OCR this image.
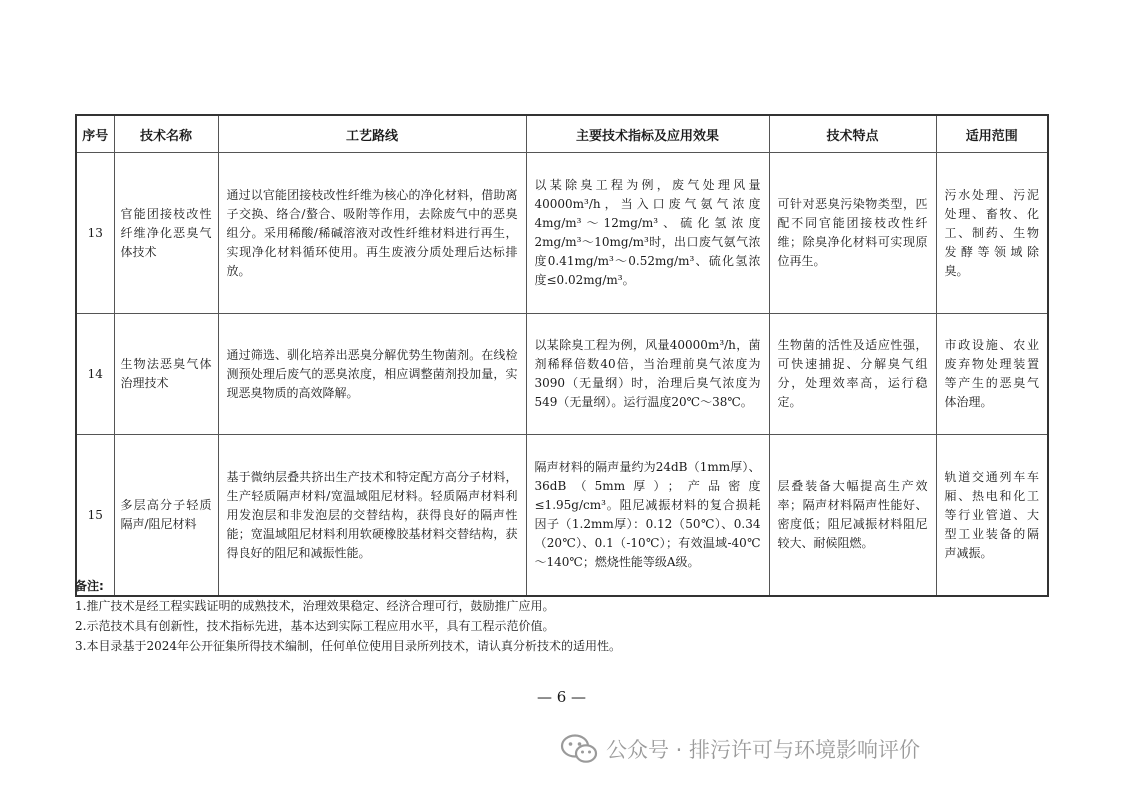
序号	技术名称	工艺路线	主要技术指标及应用效果	技术特点	适用范围
13	官能团接枝改性纤维净化恶臭气体技术	通过以官能团接枝改性纤维为核心的净化材料，借助离子交换、络合/螯合、吸附等作用，去除废气中的恶臭组分。采用稀酸/稀碱溶液对改性纤维材料进行再生，实现净化材料循环使用。再生废液分质处理后达标排放。	以某除臭工程为例，废气处理风量40000m³/h，当入口废气氨气浓度4mg/m³～12mg/m³、硫化氢浓度2mg/m³～10mg/m³时，出口废气氨气浓度0.41mg/m³～0.52mg/m³、硫化氢浓度≤0.02mg/m³。	可针对恶臭污染物类型，匹配不同官能团接枝改性纤维；除臭净化材料可实现原位再生。	污水处理、污泥处理、畜牧、化工、制药、生物发酵等领域除臭。
14	生物法恶臭气体治理技术	通过筛选、驯化培养出恶臭分解优势生物菌剂。在线检测预处理后废气的恶臭浓度，相应调整菌剂投加量，实现恶臭物质的高效降解。	以某除臭工程为例，风量40000m³/h，菌剂稀释倍数40倍，当治理前臭气浓度为3090（无量纲）时，治理后臭气浓度为549（无量纲）。运行温度20℃～38℃。	生物菌的活性及适应性强，可快速捕捉、分解臭气组分，处理效率高，运行稳定。	市政设施、农业废弃物处理装置等产生的恶臭气体治理。
15	多层高分子轻质隔声/阻尼材料	基于微纳层叠共挤出生产技术和特定配方高分子材料，生产轻质隔声材料/宽温域阻尼材料。轻质隔声材料利用发泡层和非发泡层的交替结构，获得良好的隔声性能；宽温域阻尼材料利用软硬橡胶基材料交替结构，获得良好的阻尼和减振性能。	隔声材料的隔声量约为24dB（1mm厚）、36dB（5mm厚）；产品密度≤1.95g/cm³。阻尼减振材料的复合损耗因子（1.2mm厚）：0.12（50℃）、0.34（20℃）、0.1（-10℃）；有效温域-40℃～140℃；燃烧性能等级A级。	层叠装备大幅提高生产效率；隔声材料隔声性能好、密度低；阻尼减振材料阻尼较大、耐候阻燃。	轨道交通列车车厢、热电和化工等行业管道、大型工业装备的隔声减振。
备注:
1.推广技术是经工程实践证明的成熟技术，治理效果稳定、经济合理可行，鼓励推广应用。
2.示范技术具有创新性，技术指标先进，基本达到实际工程应用水平，具有工程示范价值。
3.本目录基于2024年公开征集所得技术编制，任何单位使用目录所列技术，请认真分析技术的适用性。
— 6 —
公众号 · 排污许可与环境影响评价
